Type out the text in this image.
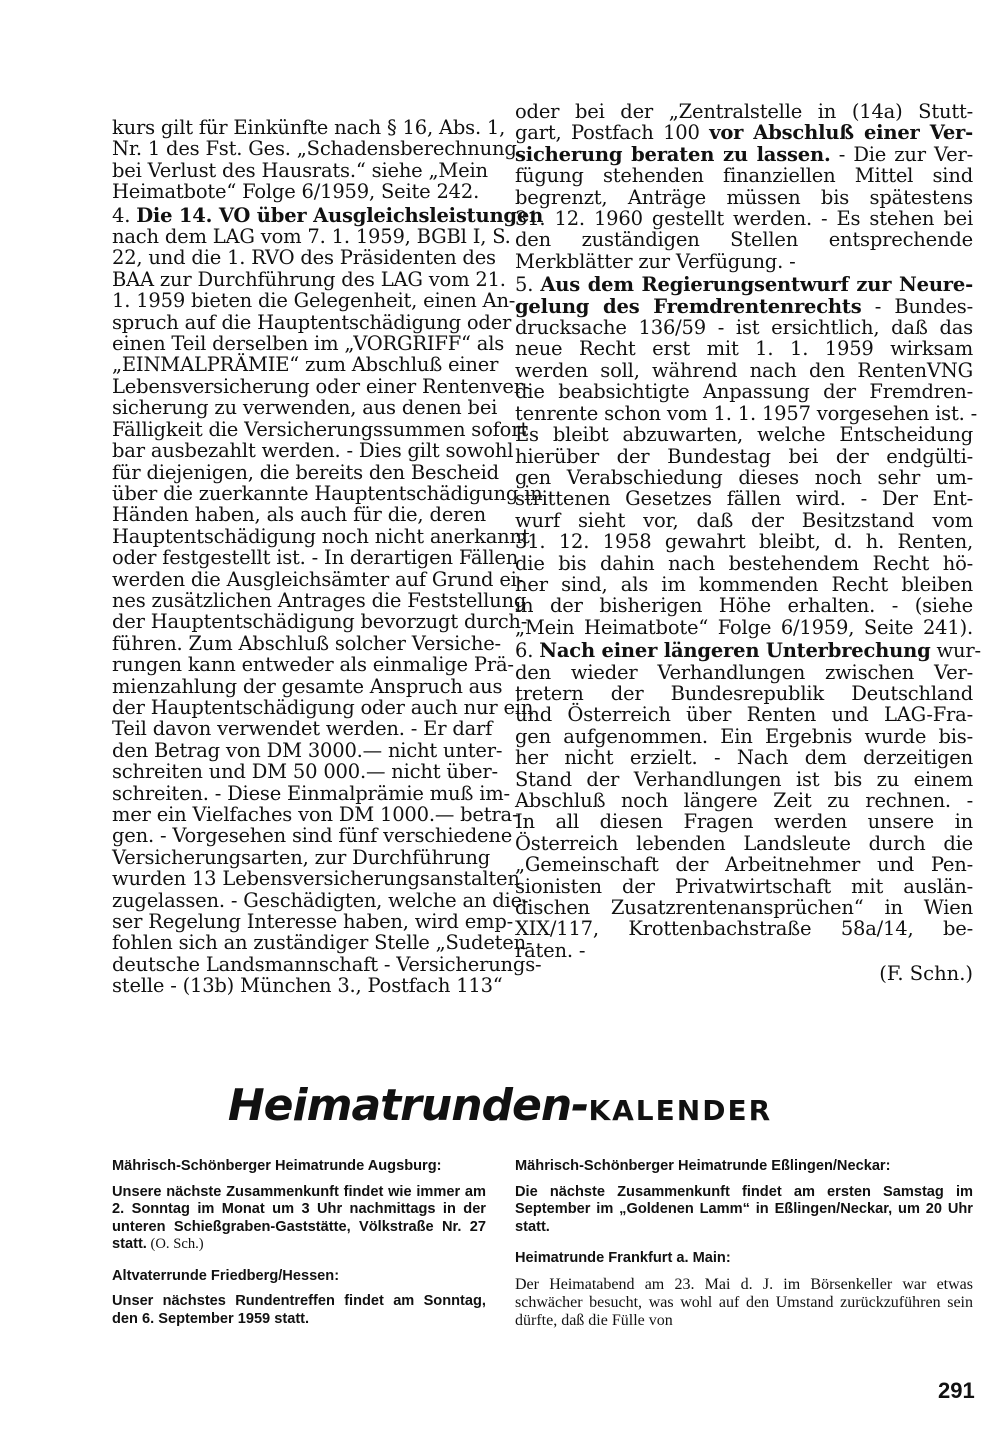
kurs gilt für Einkünfte nach § 16, Abs. 1,
Nr. 1 des Fst. Ges. „Schadensberechnung
bei Verlust des Hausrats.“ siehe „Mein
Heimatbote“ Folge 6/1959, Seite 242.
4. Die 14. VO über Ausgleichsleistungen
nach dem LAG vom 7. 1. 1959, BGBl I, S.
22, und die 1. RVO des Präsidenten des
BAA zur Durchführung des LAG vom 21.
1. 1959 bieten die Gelegenheit, einen An-
spruch auf die Hauptentschädigung oder
einen Teil derselben im „VORGRIFF“ als
„EINMALPRÄMIE“ zum Abschluß einer
Lebensversicherung oder einer Rentenver-
sicherung zu verwenden, aus denen bei
Fälligkeit die Versicherungssummen sofort
bar ausbezahlt werden. - Dies gilt sowohl
für diejenigen, die bereits den Bescheid
über die zuerkannte Hauptentschädigung in
Händen haben, als auch für die, deren
Hauptentschädigung noch nicht anerkannt
oder festgestellt ist. - In derartigen Fällen
werden die Ausgleichsämter auf Grund ei-
nes zusätzlichen Antrages die Feststellung
der Hauptentschädigung bevorzugt durch-
führen. Zum Abschluß solcher Versiche-
rungen kann entweder als einmalige Prä-
mienzahlung der gesamte Anspruch aus
der Hauptentschädigung oder auch nur ein
Teil davon verwendet werden. - Er darf
den Betrag von DM 3000.— nicht unter-
schreiten und DM 50 000.— nicht über-
schreiten. - Diese Einmalprämie muß im-
mer ein Vielfaches von DM 1000.— betra-
gen. - Vorgesehen sind fünf verschiedene
Versicherungsarten, zur Durchführung
wurden 13 Lebensversicherungsanstalten
zugelassen. - Geschädigten, welche an die-
ser Regelung Interesse haben, wird emp-
fohlen sich an zuständiger Stelle „Sudeten-
deutsche Landsmannschaft - Versicherungs-
stelle - (13b) München 3., Postfach 113“
oder bei der „Zentralstelle in (14a) Stutt-
gart, Postfach 100 vor Abschluß einer Ver-
sicherung beraten zu lassen. - Die zur Ver-
fügung stehenden finanziellen Mittel sind
begrenzt, Anträge müssen bis spätestens
31. 12. 1960 gestellt werden. - Es stehen bei
den zuständigen Stellen entsprechende
Merkblätter zur Verfügung. -
5. Aus dem Regierungsentwurf zur Neure-
gelung des Fremdrentenrechts - Bundes-
drucksache 136/59 - ist ersichtlich, daß das
neue Recht erst mit 1. 1. 1959 wirksam
werden soll, während nach den RentenVNG
die beabsichtigte Anpassung der Fremdren-
tenrente schon vom 1. 1. 1957 vorgesehen ist. -
Es bleibt abzuwarten, welche Entscheidung
hierüber der Bundestag bei der endgülti-
gen Verabschiedung dieses noch sehr um-
strittenen Gesetzes fällen wird. - Der Ent-
wurf sieht vor, daß der Besitzstand vom
31. 12. 1958 gewahrt bleibt, d. h. Renten,
die bis dahin nach bestehendem Recht hö-
her sind, als im kommenden Recht bleiben
in der bisherigen Höhe erhalten. - (siehe
„Mein Heimatbote“ Folge 6/1959, Seite 241).
6. Nach einer längeren Unterbrechung wur-
den wieder Verhandlungen zwischen Ver-
tretern der Bundesrepublik Deutschland
und Österreich über Renten und LAG-Fra-
gen aufgenommen. Ein Ergebnis wurde bis-
her nicht erzielt. - Nach dem derzeitigen
Stand der Verhandlungen ist bis zu einem
Abschluß noch längere Zeit zu rechnen. -
In all diesen Fragen werden unsere in
Österreich lebenden Landsleute durch die
„Gemeinschaft der Arbeitnehmer und Pen-
sionisten der Privatwirtschaft mit auslän-
dischen Zusatzrentenansprüchen“ in Wien
XIX/117, Krottenbachstraße 58a/14, be-
raten. -
(F. Schn.)
Heimatrunden-KALENDER
Mährisch-Schönberger Heimatrunde Augsburg:
Unsere nächste Zusammenkunft findet wie immer am 2. Sonntag im Monat um 3 Uhr nachmittags in der unteren Schießgraben-Gaststätte, Völkstraße Nr. 27 statt. (O. Sch.)
Altvaterrunde Friedberg/Hessen:
Unser nächstes Rundentreffen findet am Sonntag, den 6. September 1959 statt.
Mährisch-Schönberger Heimatrunde Eßlingen/Neckar:
Die nächste Zusammenkunft findet am ersten Samstag im September im „Goldenen Lamm“ in Eßlingen/Neckar, um 20 Uhr statt.
Heimatrunde Frankfurt a. Main:
Der Heimatabend am 23. Mai d. J. im Börsenkeller war etwas schwächer besucht, was wohl auf den Umstand zurückzuführen sein dürfte, daß die Fülle von
291
